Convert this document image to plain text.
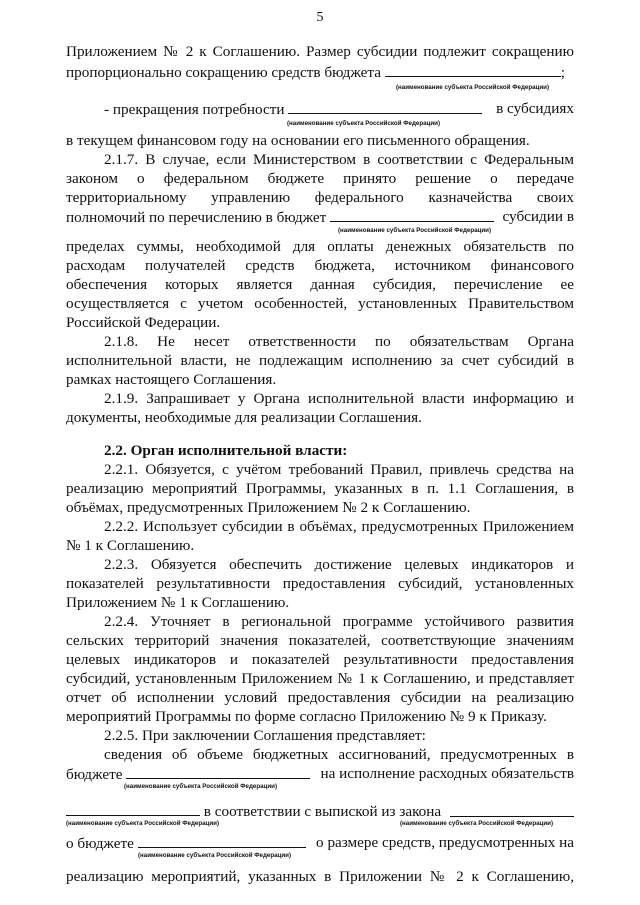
5
Приложением № 2 к Соглашению. Размер субсидии подлежит сокращению
пропорционально сокращению средств бюджета	;
(наименование субъекта Российской Федерации)
- прекращения потребности	в субсидиях
(наименование субъекта Российской Федерации)
в текущем финансовом году на основании его письменного обращения.
2.1.7. В случае, если Министерством в соответствии с Федеральным
законом о федеральном бюджете принято решение о передаче
территориальному управлению федерального казначейства своих
полномочий по перечислению в бюджет	субсидии в
(наименование субъекта Российской Федерации)
пределах суммы, необходимой для оплаты денежных обязательств по
расходам получателей средств бюджета, источником финансового
обеспечения которых является данная субсидия, перечисление ее
осуществляется с учетом особенностей, установленных Правительством
Российской Федерации.
2.1.8. Не несет ответственности по обязательствам Органа
исполнительной власти, не подлежащим исполнению за счет субсидий в
рамках настоящего Соглашения.
2.1.9. Запрашивает у Органа исполнительной власти информацию и
документы, необходимые для реализации Соглашения.
2.2. Орган исполнительной власти:
2.2.1. Обязуется, с учётом требований Правил, привлечь средства на
реализацию мероприятий Программы, указанных в п. 1.1 Соглашения, в
объёмах, предусмотренных Приложением № 2 к Соглашению.
2.2.2. Использует субсидии в объёмах, предусмотренных Приложением
№ 1 к Соглашению.
2.2.3. Обязуется обеспечить достижение целевых индикаторов и
показателей результативности предоставления субсидий, установленных
Приложением № 1 к Соглашению.
2.2.4. Уточняет в региональной программе устойчивого развития
сельских территорий значения показателей, соответствующие значениям
целевых индикаторов и показателей результативности предоставления
субсидий, установленным Приложением № 1 к Соглашению, и представляет
отчет об исполнении условий предоставления субсидии на реализацию
мероприятий Программы по форме согласно Приложению № 9 к Приказу.
2.2.5. При заключении Соглашения представляет:
сведения об объеме бюджетных ассигнований, предусмотренных в
бюджете	на исполнение расходных обязательств
(наименование субъекта Российской Федерации)
в соответствии с выпиской из закона
(наименование субъекта Российской Федерации)	(наименование субъекта Российской Федерации)
о бюджете	о размере средств, предусмотренных на
(наименование субъекта Российской Федерации)
реализацию мероприятий, указанных в Приложении № 2 к Соглашению,
